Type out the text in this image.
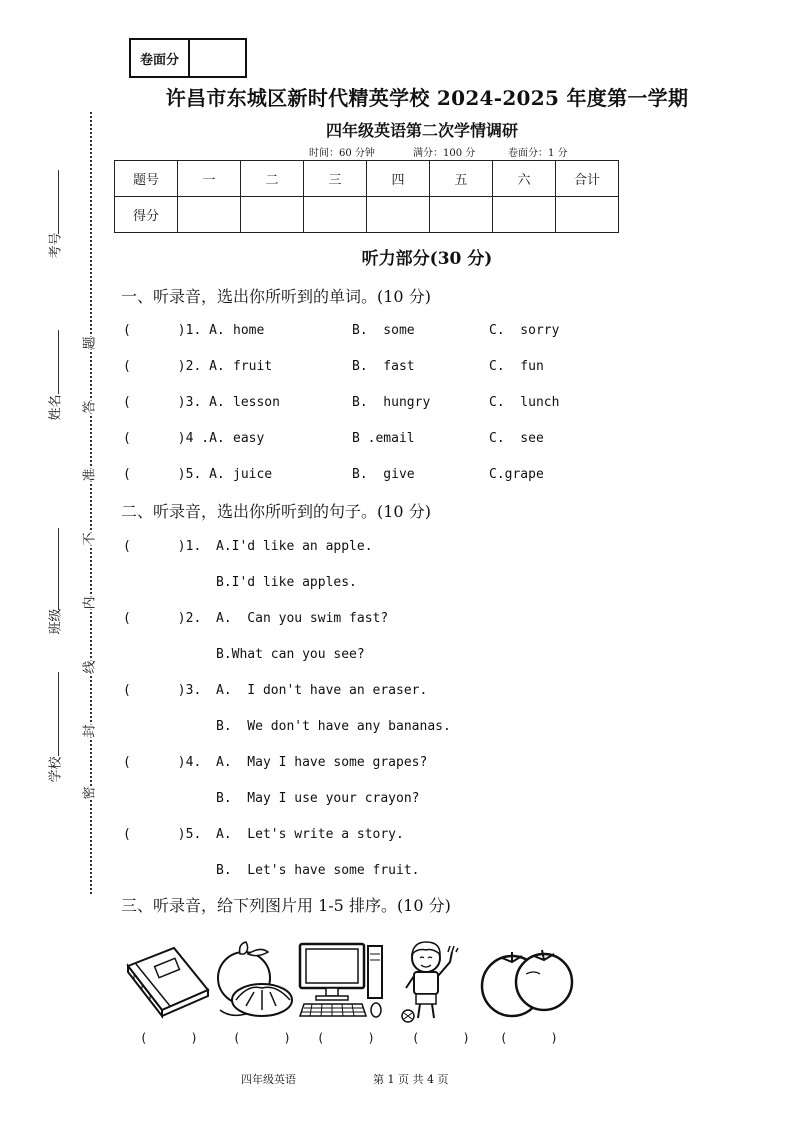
卷面分
许昌市东城区新时代精英学校 2024-2025 年度第一学期
四年级英语第二次学情调研
时间：60 分钟	满分：100 分	卷面分：1 分
题号	一	二	三	四	五	六	合计
得分							
听力部分(30 分)
一、听录音，选出你所听到的单词。(10 分)
(      )1. A. home	B.  some	C.  sorry
(      )2. A. fruit	B.  fast	C.  fun
(      )3. A. lesson	B.  hungry	C.  lunch
(      )4 .A. easy	B .email	C.  see
(      )5. A. juice	B.  give	C.grape
二、听录音，选出你所听到的句子。(10 分)
(      )1. A.I'd like an apple.
B.I'd like apples.
(      )2. A.  Can you swim fast?
B.What can you see?
(      )3. A.  I don't have an eraser.
B.  We don't have any bananas.
(      )4. A.  May I have some grapes?
B.  May I use your crayon?
(      )5. A.  Let's write a story.
B.  Let's have some fruit.
三、听录音，给下列图片用 1-5 排序。(10 分)
(      )	(      ) (      )	(      )	(      )
考号
姓名
班级
学校
题
答
准
不
内
线
封
密
四年级英语	第 1 页 共 4 页
